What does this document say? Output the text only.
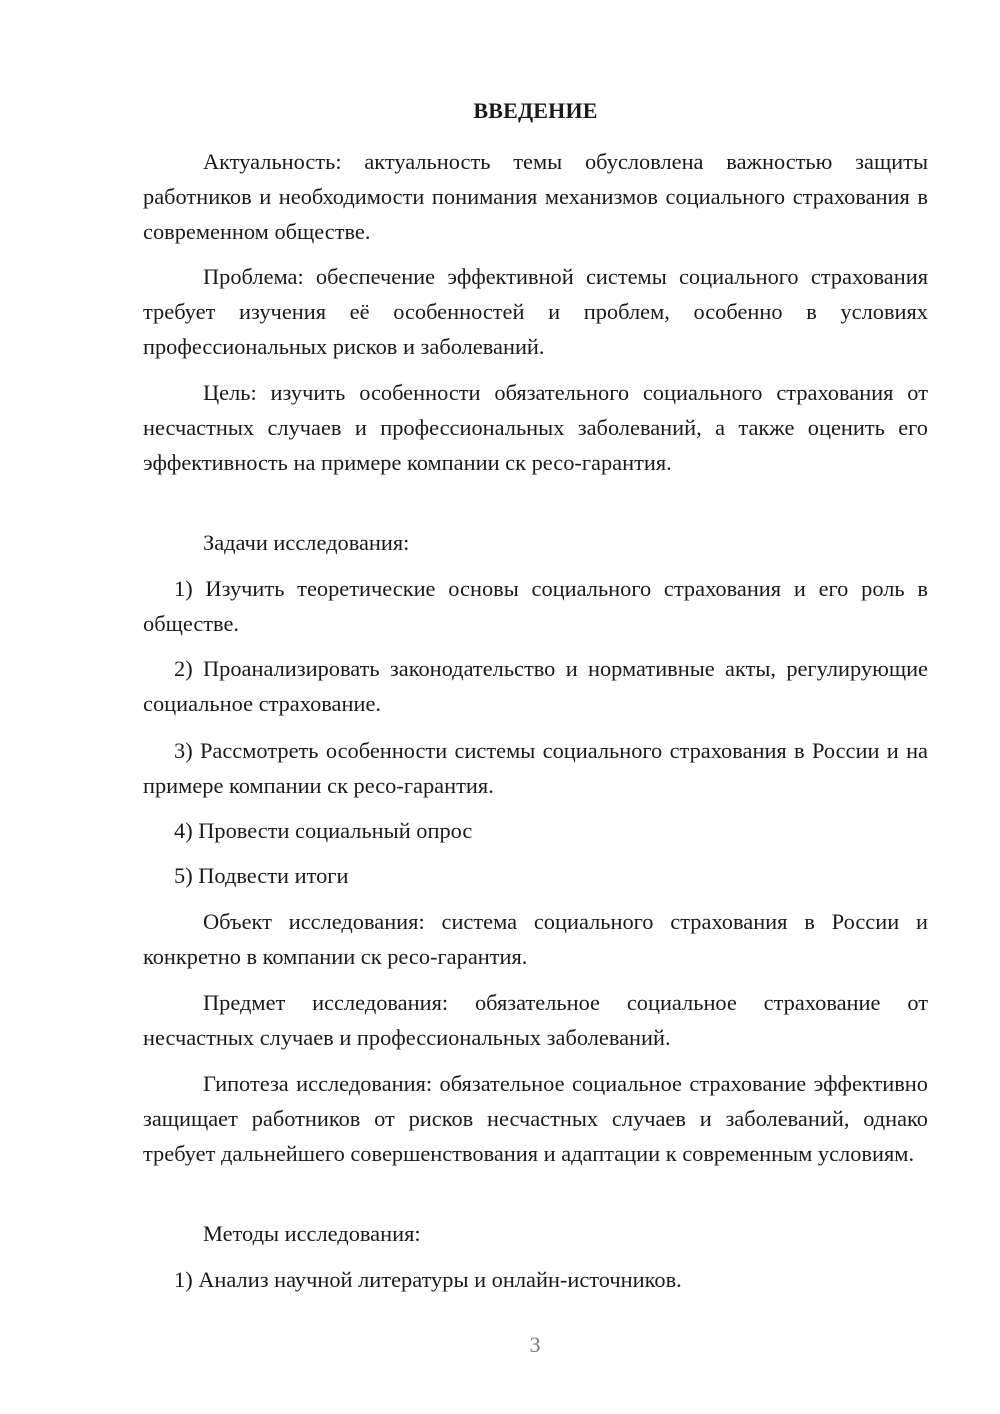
ВВЕДЕНИЕ

Актуальность: актуальность темы обусловлена важностью защиты работников и необходимости понимания механизмов социального страхования в современном обществе.

Проблема: обеспечение эффективной системы социального страхования требует изучения её особенностей и проблем, особенно в условиях профессиональных рисков и заболеваний.

Цель: изучить особенности обязательного социального страхования от несчастных случаев и профессиональных заболеваний, а также оценить его эффективность на примере компании ск ресо-гарантия.

Задачи исследования:

1) Изучить теоретические основы социального страхования и его роль в обществе.

2) Проанализировать законодательство и нормативные акты, регулирующие социальное страхование.

3) Рассмотреть особенности системы социального страхования в России и на примере компании ск ресо-гарантия.

4) Провести социальный опрос

5) Подвести итоги

Объект исследования: система социального страхования в России и конкретно в компании ск ресо-гарантия.

Предмет исследования: обязательное социальное страхование от несчастных случаев и профессиональных заболеваний.

Гипотеза исследования: обязательное социальное страхование эффективно защищает работников от рисков несчастных случаев и заболеваний, однако требует дальнейшего совершенствования и адаптации к современным условиям.

Методы исследования:

1) Анализ научной литературы и онлайн-источников.

3
